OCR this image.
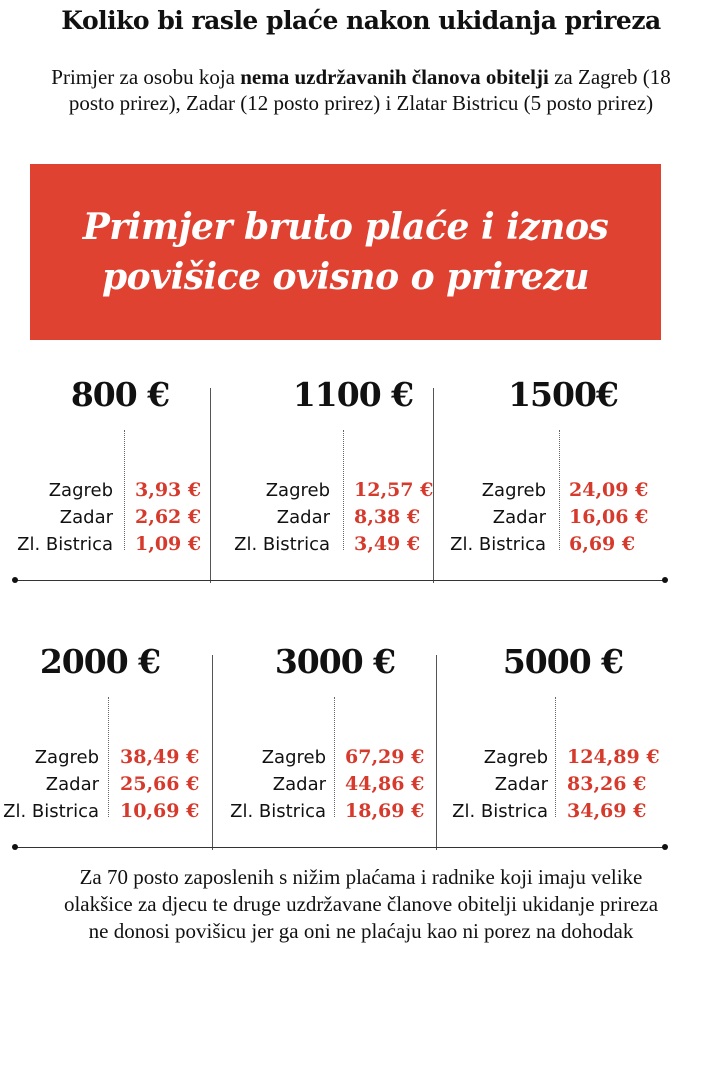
Koliko bi rasle plaće nakon ukidanja prireza
Primjer za osobu koja nema uzdržavanih članova obitelji za Zagreb (18 posto prirez), Zadar (12 posto prirez) i Zlatar Bistricu (5 posto prirez)
Primjer bruto plaće i iznos
povišice ovisno o prirezu
800 €
Zagreb 3,93 €
Zadar 2,62 €
Zl. Bistrica 1,09 €
1100 €
Zagreb 12,57 €
Zadar 8,38 €
Zl. Bistrica 3,49 €
1500€
Zagreb 24,09 €
Zadar 16,06 €
Zl. Bistrica 6,69 €
2000 €
Zagreb 38,49 €
Zadar 25,66 €
Zl. Bistrica 10,69 €
3000 €
Zagreb 67,29 €
Zadar 44,86 €
Zl. Bistrica 18,69 €
5000 €
Zagreb 124,89 €
Zadar 83,26 €
Zl. Bistrica 34,69 €
Za 70 posto zaposlenih s nižim plaćama i radnike koji imaju velike olakšice za djecu te druge uzdržavane članove obitelji ukidanje prireza ne donosi povišicu jer ga oni ne plaćaju kao ni porez na dohodak
